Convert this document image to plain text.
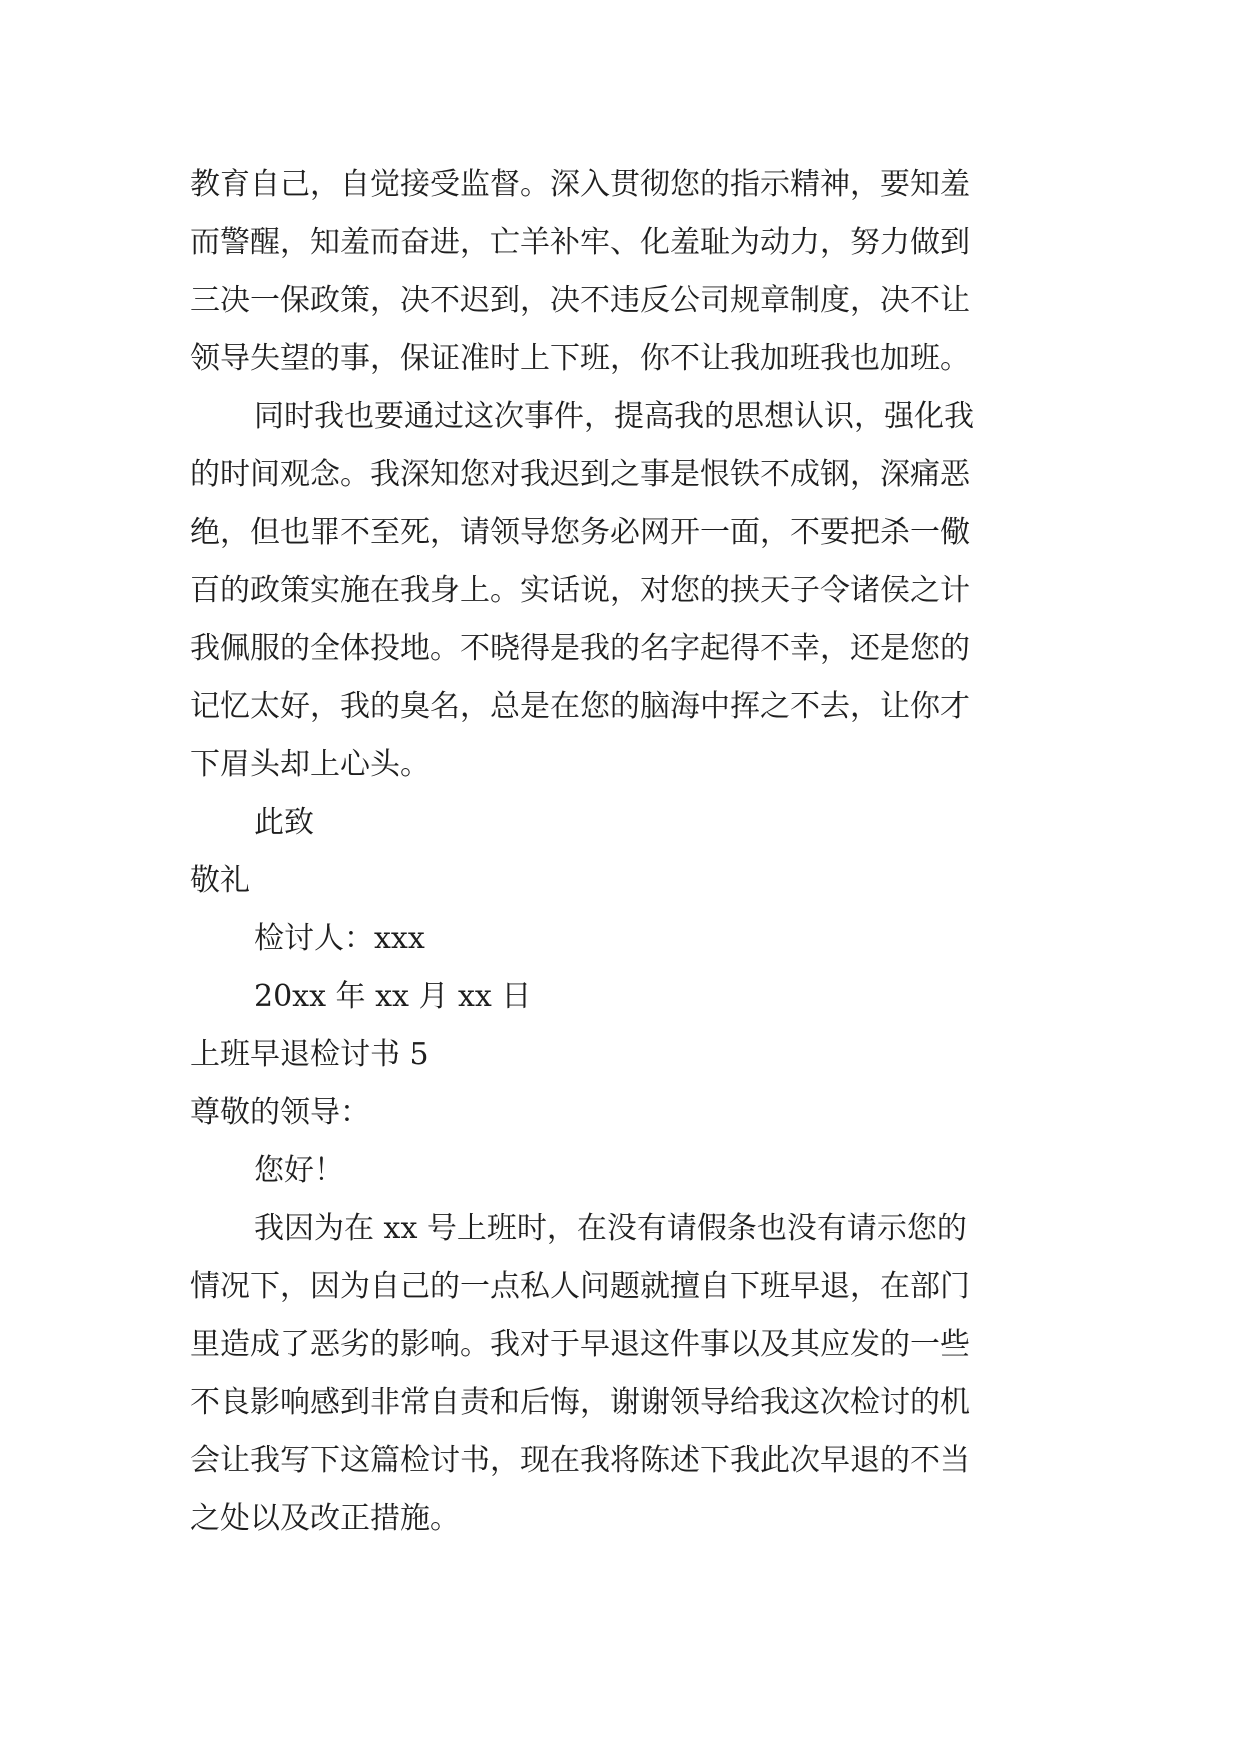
教育自己，自觉接受监督。深入贯彻您的指示精神，要知羞

而警醒，知羞而奋进，亡羊补牢、化羞耻为动力，努力做到

三决一保政策，决不迟到，决不违反公司规章制度，决不让

领导失望的事，保证准时上下班，你不让我加班我也加班。

同时我也要通过这次事件，提高我的思想认识，强化我

的时间观念。我深知您对我迟到之事是恨铁不成钢，深痛恶

绝，但也罪不至死，请领导您务必网开一面，不要把杀一儆

百的政策实施在我身上。实话说，对您的挟天子令诸侯之计

我佩服的全体投地。不晓得是我的名字起得不幸，还是您的

记忆太好，我的臭名，总是在您的脑海中挥之不去，让你才

下眉头却上心头。

此致

敬礼

检讨人：xxx

20xx 年 xx 月 xx 日

上班早退检讨书 5

尊敬的领导：

您好！

我因为在 xx 号上班时，在没有请假条也没有请示您的

情况下，因为自己的一点私人问题就擅自下班早退，在部门

里造成了恶劣的影响。我对于早退这件事以及其应发的一些

不良影响感到非常自责和后悔，谢谢领导给我这次检讨的机

会让我写下这篇检讨书，现在我将陈述下我此次早退的不当

之处以及改正措施。
